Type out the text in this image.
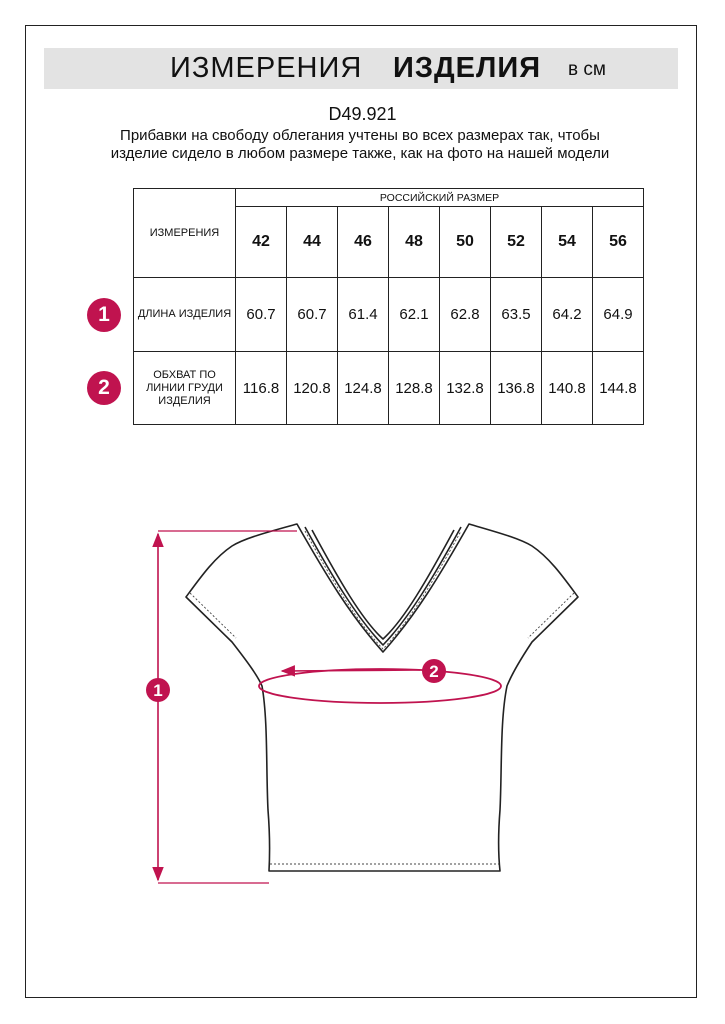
ИЗМЕРЕНИЯ ИЗДЕЛИЯ в см
D49.921
Прибавки на свободу облегания учтены во всех размерах так, чтобы изделие сидело в любом размере также, как на фото на нашей модели
ИЗМЕРЕНИЯ	РОССИЙСКИЙ РАЗМЕР							
	42	44	46	48	50	52	54	56
ДЛИНА ИЗДЕЛИЯ	60.7	60.7	61.4	62.1	62.8	63.5	64.2	64.9
ОБХВАТ ПО ЛИНИИ ГРУДИ ИЗДЕЛИЯ	116.8	120.8	124.8	128.8	132.8	136.8	140.8	144.8
1
2
1
2
